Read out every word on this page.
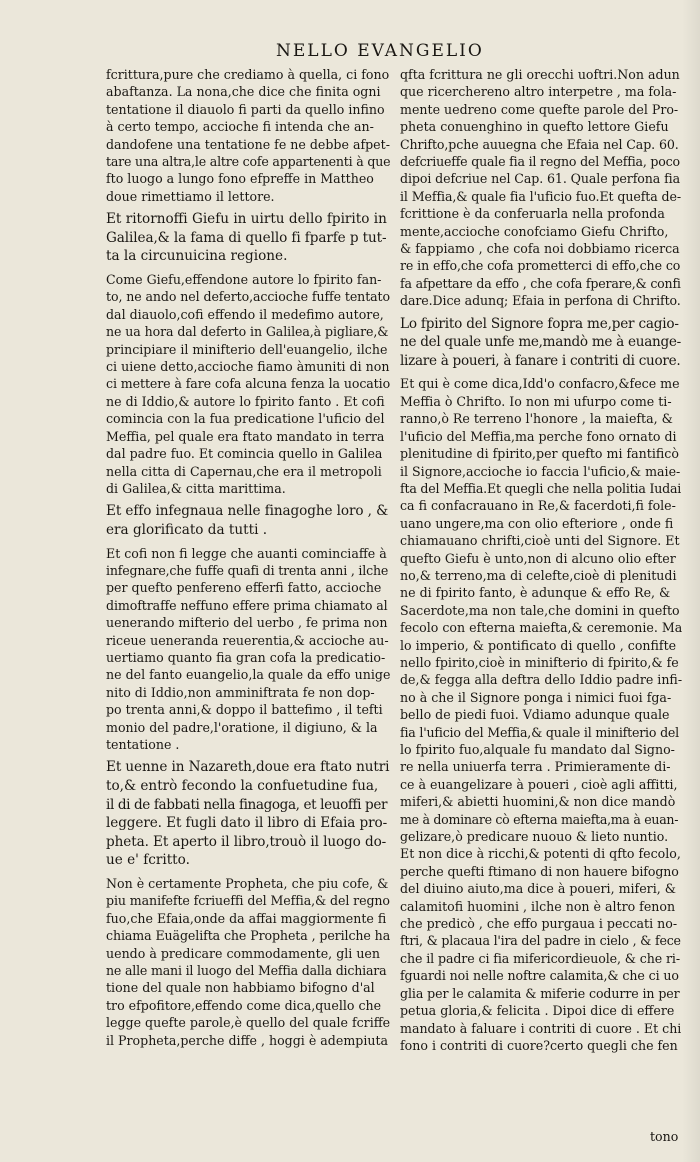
NELLO EVANGELIO
fcrittura,pure che crediamo à quella, ci fono
abaftanza. La nona,che dice che finita ogni
tentatione il diauolo fi parti da quello infino
à certo tempo, accioche fi intenda che an-
dandofene una tentatione fe ne debbe afpet-
tare una altra,le altre cofe appartenenti à que
fto luogo a lungo fono efpreffe in Mattheo
doue rimettiamo il lettore.
Et ritornoffi Giefu in uirtu dello fpirito in
Galilea,& la fama di quello fi fparfe p tut-
ta la circunuicina regione.
Come Giefu,effendone autore lo fpirito fan-
to, ne ando nel deferto,accioche fuffe tentato
dal diauolo,cofi effendo il medefimo autore,
ne ua hora dal deferto in Galilea,à pigliare,&
principiare il minifterio dell'euangelio, ilche
ci uiene detto,accioche fiamo àmuniti di non
ci mettere à fare cofa alcuna fenza la uocatio
ne di Iddio,& autore lo fpirito fanto . Et cofi
comincia con la fua predicatione l'uficio del
Meffia, pel quale era ftato mandato in terra
dal padre fuo. Et comincia quello in Galilea
nella citta di Capernau,che era il metropoli
di Galilea,& citta marittima.
Et effo infegnaua nelle finagoghe loro , &
era glorificato da tutti .
Et cofi non fi legge che auanti cominciaffe à
infegnare,che fuffe quafi di trenta anni , ilche
per quefto penfereno efferfi fatto, accioche
dimoftraffe neffuno effere prima chiamato al
uenerando mifterio del uerbo , fe prima non
riceue ueneranda reuerentia,& accioche au-
uertiamo quanto fia gran cofa la predicatio-
ne del fanto euangelio,la quale da effo unige
nito di Iddio,non amminiftrata fe non dop-
po trenta anni,& doppo il battefimo , il tefti
monio del padre,l'oratione, il digiuno, & la
tentatione .
Et uenne in Nazareth,doue era ftato nutri
to,& entrò fecondo la confuetudine fua,
il di de fabbati nella finagoga, et leuoffi per
leggere. Et fugli dato il libro di Efaia pro-
pheta. Et aperto il libro,trouò il luogo do-
ue e' fcritto.
Non è certamente Propheta, che piu cofe, &
piu manifefte fcriueffi del Meffia,& del regno
fuo,che Efaia,onde da affai maggiormente fi
chiama Euägelifta che Propheta , perilche ha
uendo à predicare commodamente, gli uen
ne alle mani il luogo del Meffia dalla dichiara
tione del quale non habbiamo bifogno d'al
tro efpofitore,effendo come dica,quello che
legge quefte parole,è quello del quale fcriffe
il Propheta,perche diffe , hoggi è adempiuta
qfta fcrittura ne gli orecchi uoftri.Non adun
que ricerchereno altro interpetre , ma fola-
mente uedreno come quefte parole del Pro-
pheta conuenghino in quefto lettore Giefu
Chrifto,pche auuegna che Efaia nel Cap. 60.
defcriueffe quale fia il regno del Meffia, poco
dipoi defcriue nel Cap. 61. Quale perfona fia
il Meffia,& quale fia l'uficio fuo.Et quefta de-
fcrittione è da conferuarla nella profonda
mente,accioche conofciamo Giefu Chrifto,
& fappiamo , che cofa noi dobbiamo ricerca
re in effo,che cofa prometterci di effo,che co
fa afpettare da effo , che cofa fperare,& confi
dare.Dice adunq; Efaia in perfona di Chrifto.
Lo fpirito del Signore fopra me,per cagio-
ne del quale unfe me,mandò me à euange-
lizare à poueri, à fanare i contriti di cuore.
Et qui è come dica,Idd'o confacro,&fece me
Meffia ò Chrifto. Io non mi ufurpo come ti-
ranno,ò Re terreno l'honore , la maiefta, &
l'uficio del Meffia,ma perche fono ornato di
plenitudine di fpirito,per quefto mi fantificò
il Signore,accioche io faccia l'uficio,& maie-
fta del Meffia.Et quegli che nella politia Iudai
ca fi confacrauano in Re,& facerdoti,fi fole-
uano ungere,ma con olio efteriore , onde fi
chiamauano chrifti,cioè unti del Signore. Et
quefto Giefu è unto,non di alcuno olio efter
no,& terreno,ma di celefte,cioè di plenitudi
ne di fpirito fanto, è adunque & effo Re, &
Sacerdote,ma non tale,che domini in quefto
fecolo con efterna maiefta,& ceremonie. Ma
lo imperio, & pontificato di quello , confifte
nello fpirito,cioè in minifterio di fpirito,& fe
de,& fegga alla deftra dello Iddio padre infi-
no à che il Signore ponga i nimici fuoi fga-
bello de piedi fuoi. Vdiamo adunque quale
fia l'uficio del Meffia,& quale il minifterio del
lo fpirito fuo,alquale fu mandato dal Signo-
re nella uniuerfa terra . Primieramente di-
ce à euangelizare à poueri , cioè agli affitti,
miferi,& abietti huomini,& non dice mandò
me à dominare cò efterna maiefta,ma à euan-
gelizare,ò predicare nuouo & lieto nuntio.
Et non dice à ricchi,& potenti di qfto fecolo,
perche quefti ftimano di non hauere bifogno
del diuino aiuto,ma dice à poueri, miferi, &
calamitofi huomini , ilche non è altro fenon
che predicò , che effo purgaua i peccati no-
ftri, & placaua l'ira del padre in cielo , & fece
che il padre ci fia mifericordieuole, & che ri-
fguardi noi nelle noftre calamita,& che ci uo
glia per le calamita & miferie codurre in per
petua gloria,& felicita . Dipoi dice di effere
mandato à faluare i contriti di cuore . Et chi
fono i contriti di cuore?certo quegli che fen
tono
